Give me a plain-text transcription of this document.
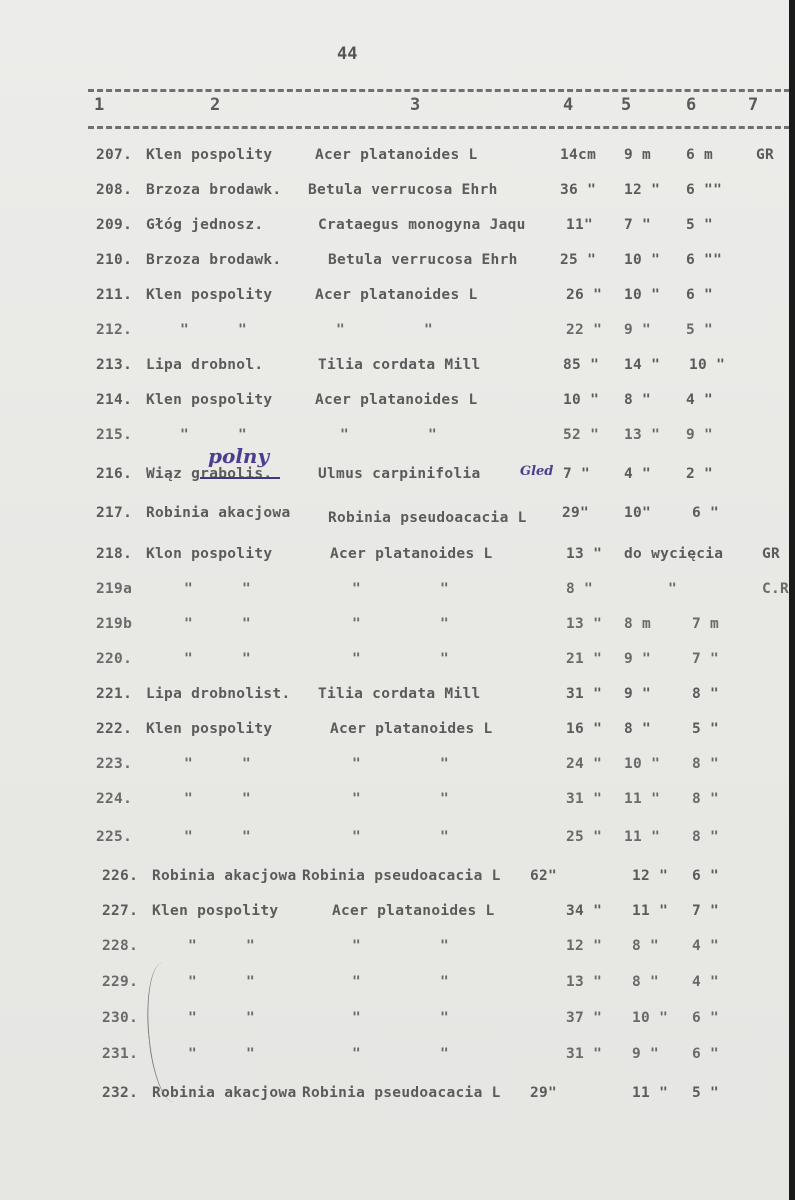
44
1	2	3	4	5	6	7
207. Klen pospolity	Acer platanoides L	14cm 9 m 6 m	GR
208. Brzoza brodawk. Betula verrucosa Ehrh	36 " 12 " 6 ""
209. Głóg jednosz.	Crataegus monogyna Jaqu	11" 7 " 5 "
210. Brzoza brodawk.	Betula verrucosa Ehrh	25 " 10 " 6 ""
211. Klen pospolity	Acer platanoides L	26 " 10 " 6 "
212.	" "	" "	22 " 9 " 5 "
213. Lipa drobnol.	Tilia cordata Mill	85 " 14 " 10 "
214. Klen pospolity	Acer platanoides L	10 " 8 " 4 "
215.	" "	" "	52 " 13 " 9 "
216. Wiąz grabolis.	Ulmus carpinifolia	7 " 4 " 2 "
217. Robinia akacjowa	Robinia pseudoacacia L 29" 10"	6 "
218. Klon pospolity	Acer platanoides L	13 " do wycięcia	GR
219a	" "	" "	8 "	"	C.R
219b	" "	" "	13 " 8 m	7 m
220.	" "	" "	21 " 9 "	7 "
221. Lipa drobnolist. Tilia cordata Mill	31 " 9 "	8 "
222. Klen pospolity	Acer platanoides L	16 " 8 "	5 "
223.	" "	" "	24 " 10 " 8 "
224.	" "	" "	31 " 11 " 8 "
225.	" "	" "	25 " 11 " 8 "
226. Robinia akacjowa Robinia pseudoacacia L 62"	12 " 6 "
227. Klen pospolity	Acer platanoides L	34 " 11 " 7 "
228.	" "	" "	12 " 8 " 4 "
229.	" "	" "	13 " 8 " 4 "
230.	" "	" "	37 " 10 " 6 "
231.	" "	" "	31 " 9 " 6 "
232. Robinia akacjowa Robinia pseudoacacia L 29"	11 " 5 "
polny
Gled
